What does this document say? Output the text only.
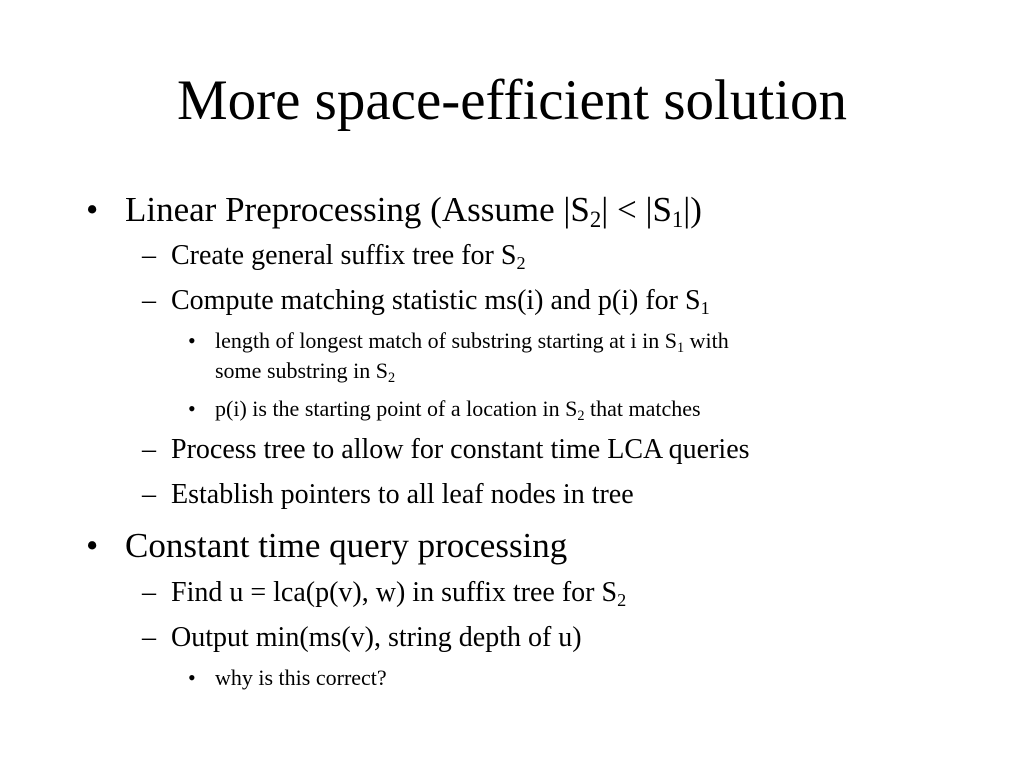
More space-efficient solution
• Linear Preprocessing (Assume $|S_2| < |S_1|$)
– Create general suffix tree for $S_2$
– Compute matching statistic ms(i) and p(i) for $S_1$
• length of longest match of substring starting at i in $S_1$ with
some substring in $S_2$
• p(i) is the starting point of a location in $S_2$ that matches
– Process tree to allow for constant time LCA queries
– Establish pointers to all leaf nodes in tree
• Constant time query processing
– Find u = lca(p(v), w) in suffix tree for $S_2$
– Output min(ms(v), string depth of u)
• why is this correct?
